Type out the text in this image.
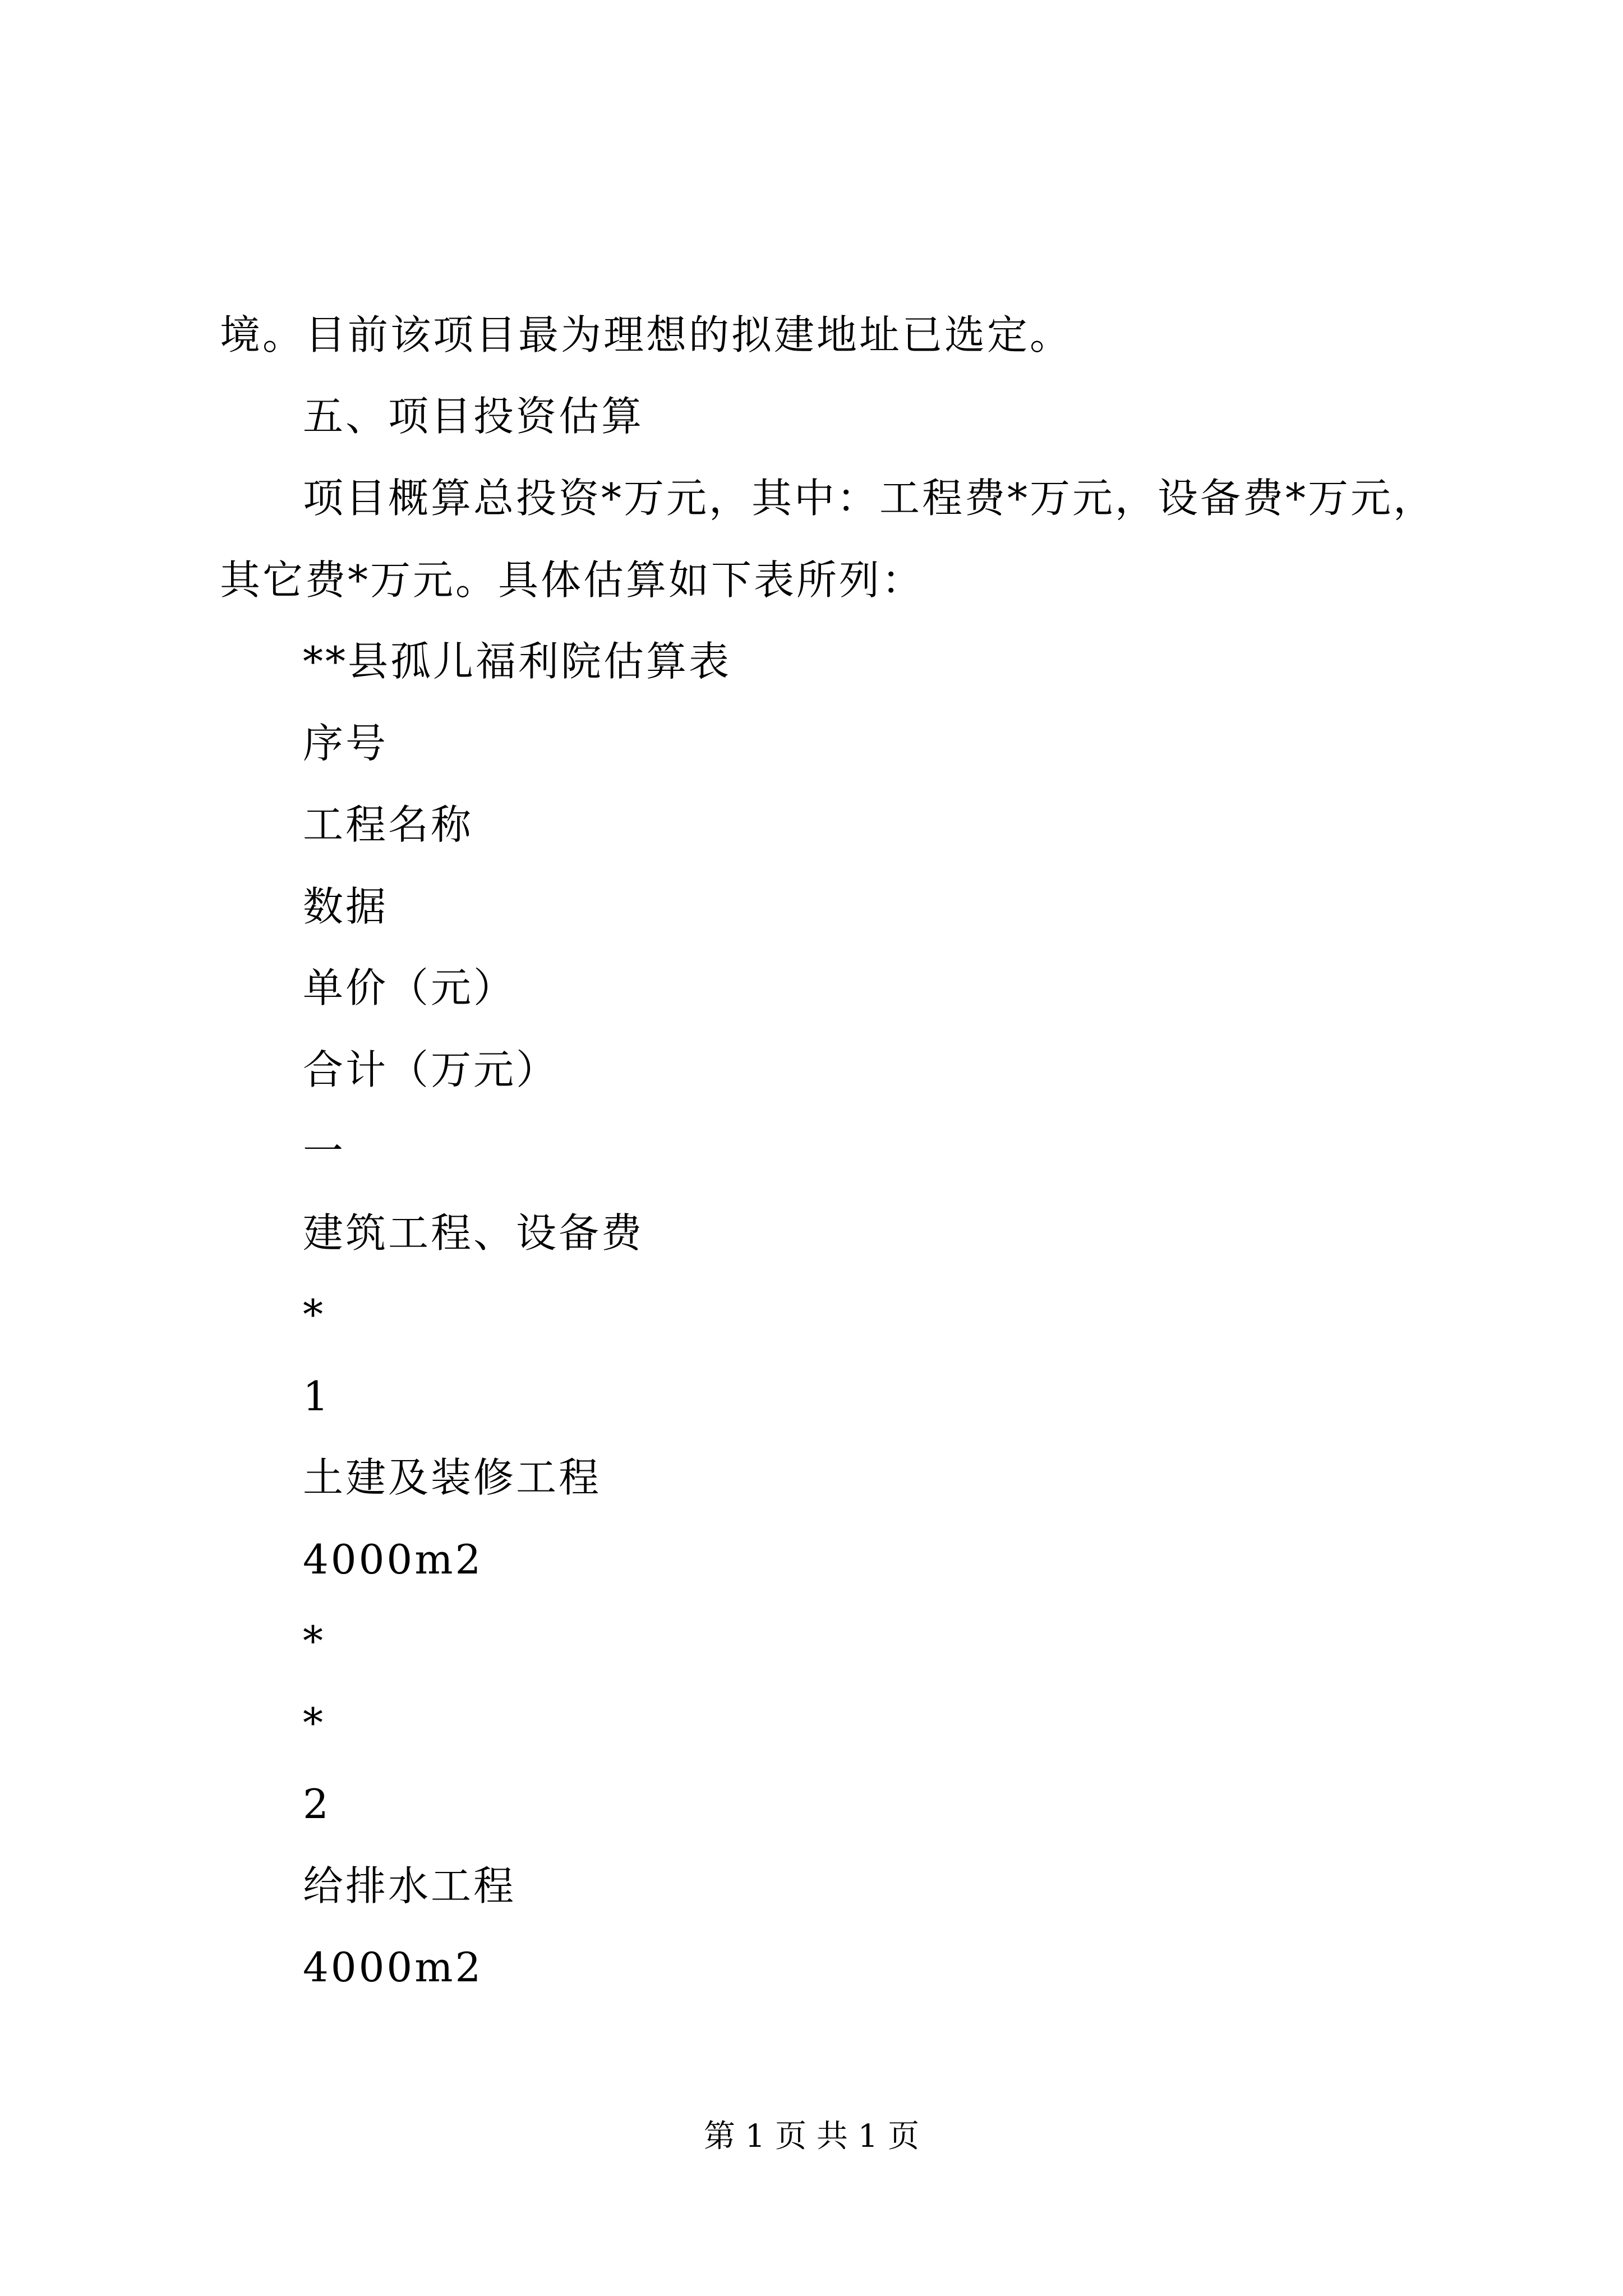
境。目前该项目最为理想的拟建地址已选定。
五、项目投资估算
项目概算总投资*万元，其中：工程费*万元，设备费*万元，
其它费*万元。具体估算如下表所列：
**县孤儿福利院估算表
序号
工程名称
数据
单价（元）
合计（万元）
一
建筑工程、设备费
*
1
土建及装修工程
4000m2
*
*
2
给排水工程
4000m2
第 1 页 共 1 页
